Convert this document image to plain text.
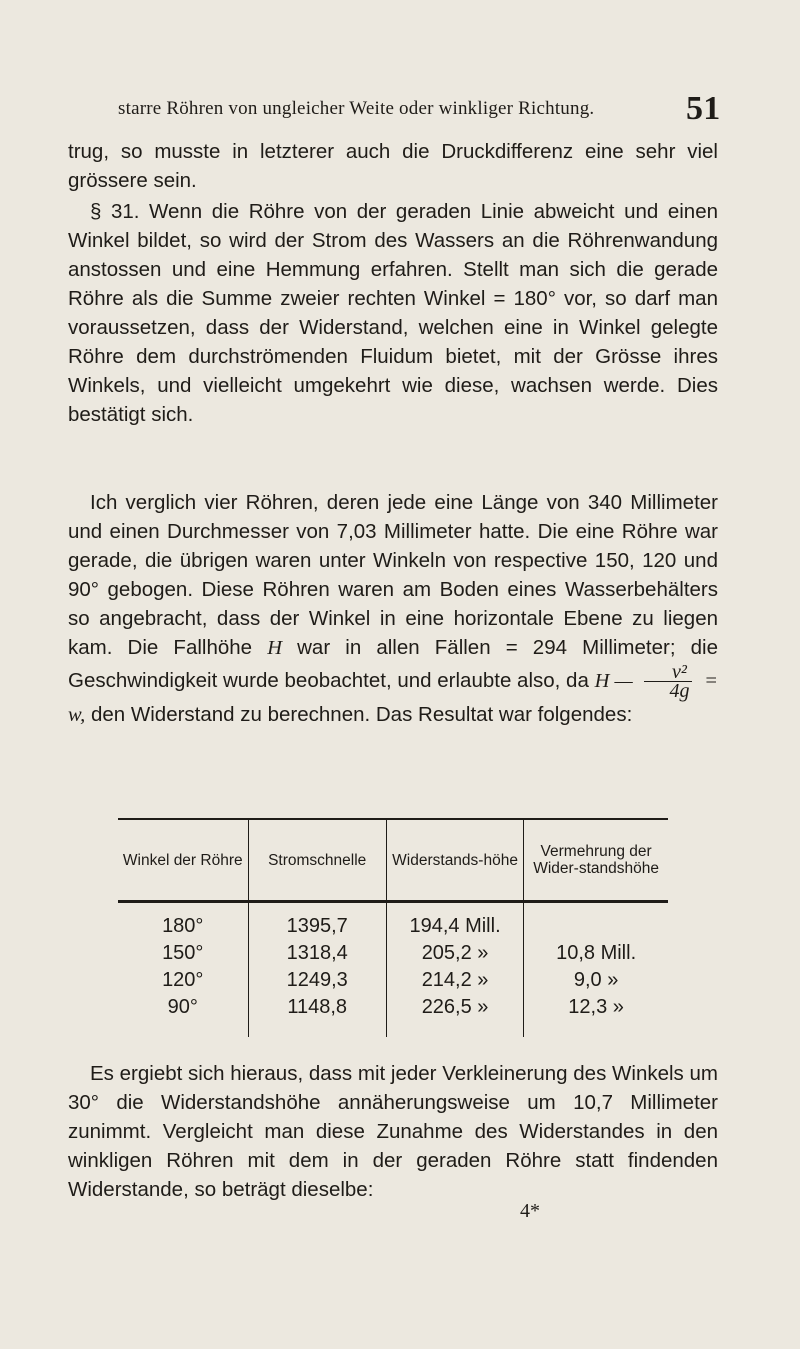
starre Röhren von ungleicher Weite oder winkliger Richtung.	51

trug, so musste in letzterer auch die Druckdifferenz eine sehr viel grössere sein.

§ 31. Wenn die Röhre von der geraden Linie abweicht und einen Winkel bildet, so wird der Strom des Wassers an die Röhrenwandung anstossen und eine Hemmung erfahren. Stellt man sich die gerade Röhre als die Summe zweier rechten Winkel = 180° vor, so darf man voraussetzen, dass der Widerstand, welchen eine in Winkel gelegte Röhre dem durchströmenden Fluidum bietet, mit der Grösse ihres Winkels, und vielleicht umgekehrt wie diese, wachsen werde. Dies bestätigt sich.

Ich verglich vier Röhren, deren jede eine Länge von 340 Millimeter und einen Durchmesser von 7,03 Millimeter hatte. Die eine Röhre war gerade, die übrigen waren unter Winkeln von respective 150, 120 und 90° gebogen. Diese Röhren waren am Boden eines Wasserbehälters so angebracht, dass der Winkel in eine horizontale Ebene zu liegen kam. Die Fallhöhe H war in allen Fällen = 294 Millimeter; die Geschwindigkeit wurde beobachtet, und erlaubte also, da H — $\frac{\text{v²}}{4g} = w$, den Widerstand zu berechnen. Das Resultat war folgendes:

Winkel der Röhre	Stromschnelle	Widerstands-höhe	Vermehrung der Wider-standshöhe
180°	1395,7	194,4 Mill.	
150°	1318,4	205,2 »	10,8 Mill.
120°	1249,3	214,2 »	9,0 »
90°	1148,8	226,5 »	12,3 »

Es ergiebt sich hieraus, dass mit jeder Verkleinerung des Winkels um 30° die Widerstandshöhe annäherungsweise um 10,7 Millimeter zunimmt. Vergleicht man diese Zunahme des Widerstandes in den winkligen Röhren mit dem in der geraden Röhre statt findenden Widerstande, so beträgt dieselbe:

4*
